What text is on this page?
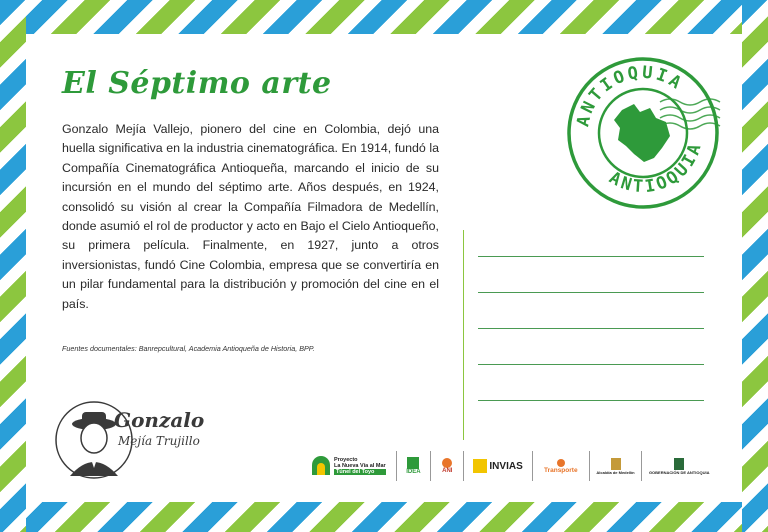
El Séptimo arte

Gonzalo Mejía Vallejo, pionero del cine en Colombia, dejó una huella significativa en la industria cinematográfica. En 1914, fundó la Compañía Cinematográfica Antioqueña, marcando el inicio de su incursión en el mundo del séptimo arte. Años después, en 1924, consolidó su visión al crear la Compañía Filmadora de Medellín, donde asumió el rol de productor y acto en Bajo el Cielo Antioqueño, su primera película. Finalmente, en 1927, junto a otros inversionistas, fundó Cine Colombia, empresa que se convertiría en un pilar fundamental para la distribución y promoción del cine en el país.

Fuentes documentales: Banrepcultural, Academia Antioqueña de Historia, BPP.
ANTIOQUIA
ANTIOQUIA
Gonzalo
Mejía Trujillo
Proyecto
La Nueva Vía al Mar
Túnel del Toyo	IDEA	ANI	INVIAS	Transporte	Alcaldía de Medellín	GOBERNACIÓN DE ANTIOQUIA
